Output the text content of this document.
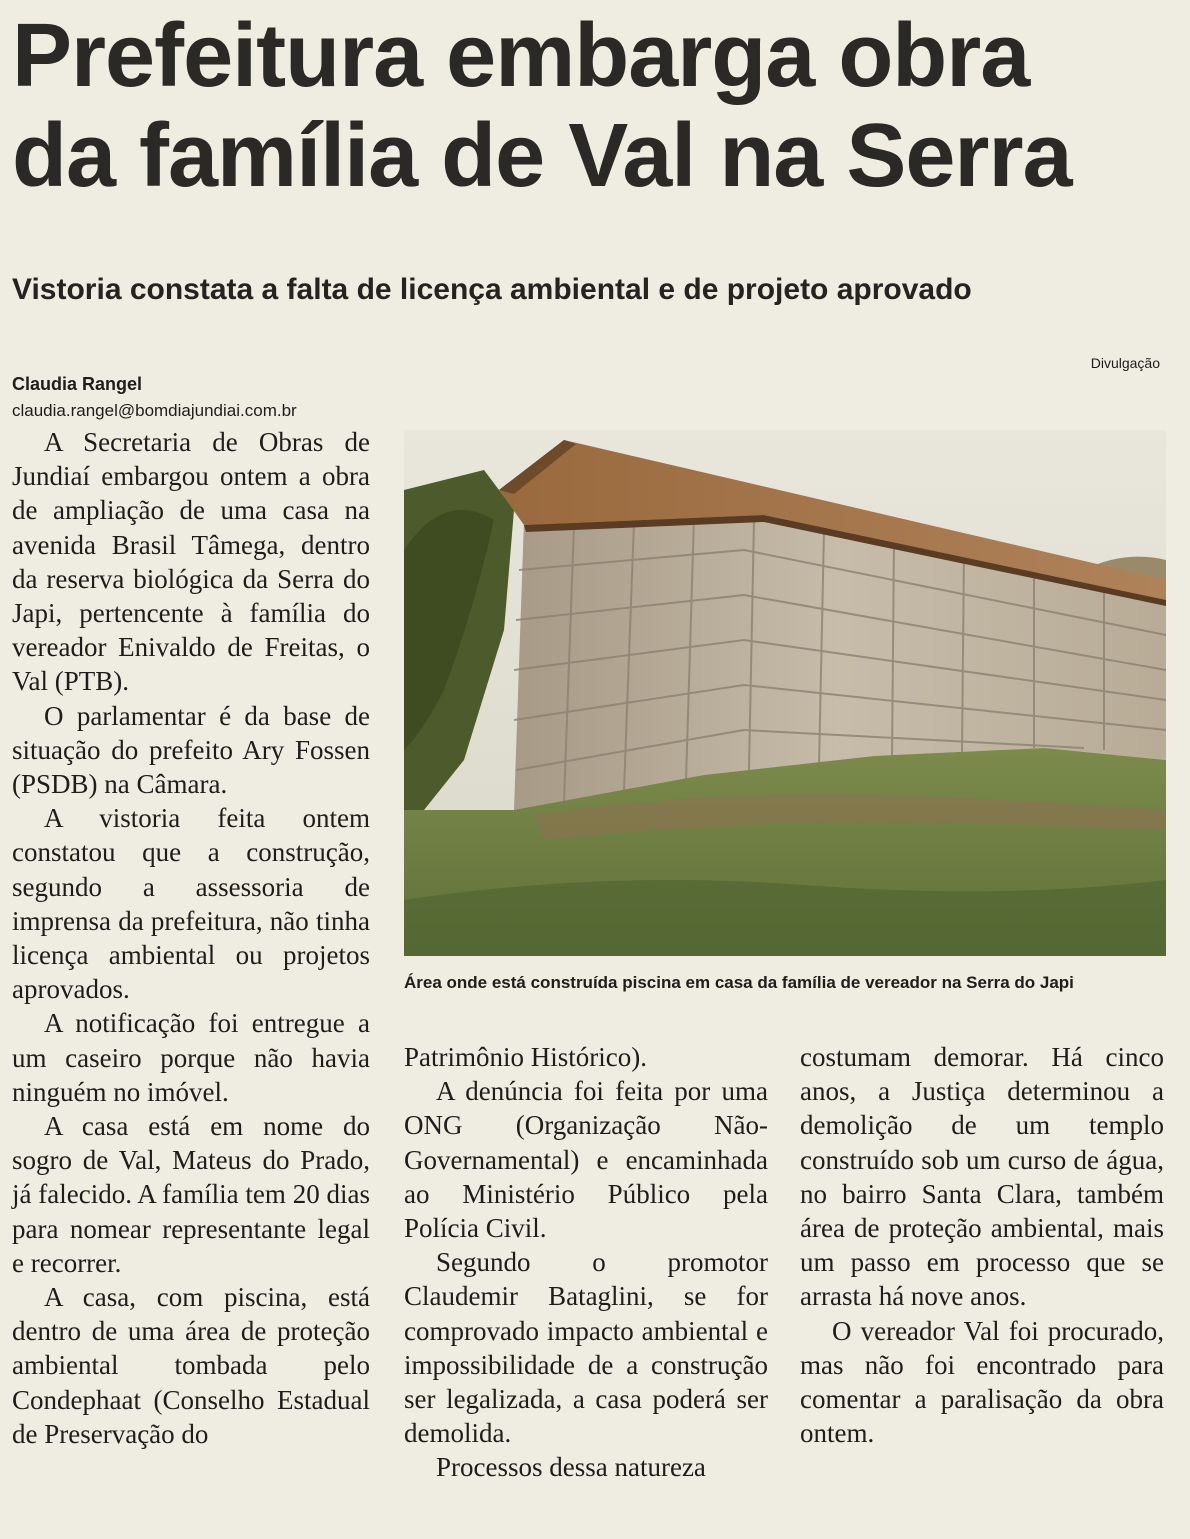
Prefeitura embarga obra
da família de Val na Serra
Vistoria constata a falta de licença ambiental e de projeto aprovado
Claudia Rangel
claudia.rangel@bomdiajundiai.com.br
Divulgação
Área onde está construída piscina em casa da família de vereador na Serra do Japi

A Secretaria de Obras de Jundiaí embargou ontem a obra de ampliação de uma casa na avenida Brasil Tâmega, dentro da reserva biológica da Serra do Japi, pertencente à família do vereador Enivaldo de Freitas, o Val (PTB).

O parlamentar é da base de situação do prefeito Ary Fossen (PSDB) na Câmara.

A vistoria feita ontem constatou que a construção, segundo a assessoria de imprensa da prefeitura, não tinha licença ambiental ou projetos aprovados.

A notificação foi entregue a um caseiro porque não havia ninguém no imóvel.

A casa está em nome do sogro de Val, Mateus do Prado, já falecido. A família tem 20 dias para nomear representante legal e recorrer.

A casa, com piscina, está dentro de uma área de proteção ambiental tombada pelo Condephaat (Conselho Estadual de Preservação do

Patrimônio Histórico).

A denúncia foi feita por uma ONG (Organização Não-Governamental) e encaminhada ao Ministério Público pela Polícia Civil.

Segundo o promotor Claudemir Bataglini, se for comprovado impacto ambiental e impossibilidade de a construção ser legalizada, a casa poderá ser demolida.

Processos dessa natureza

costumam demorar. Há cinco anos, a Justiça determinou a demolição de um templo construído sob um curso de água, no bairro Santa Clara, também área de proteção ambiental, mais um passo em processo que se arrasta há nove anos.

O vereador Val foi procurado, mas não foi encontrado para comentar a paralisação da obra ontem.
